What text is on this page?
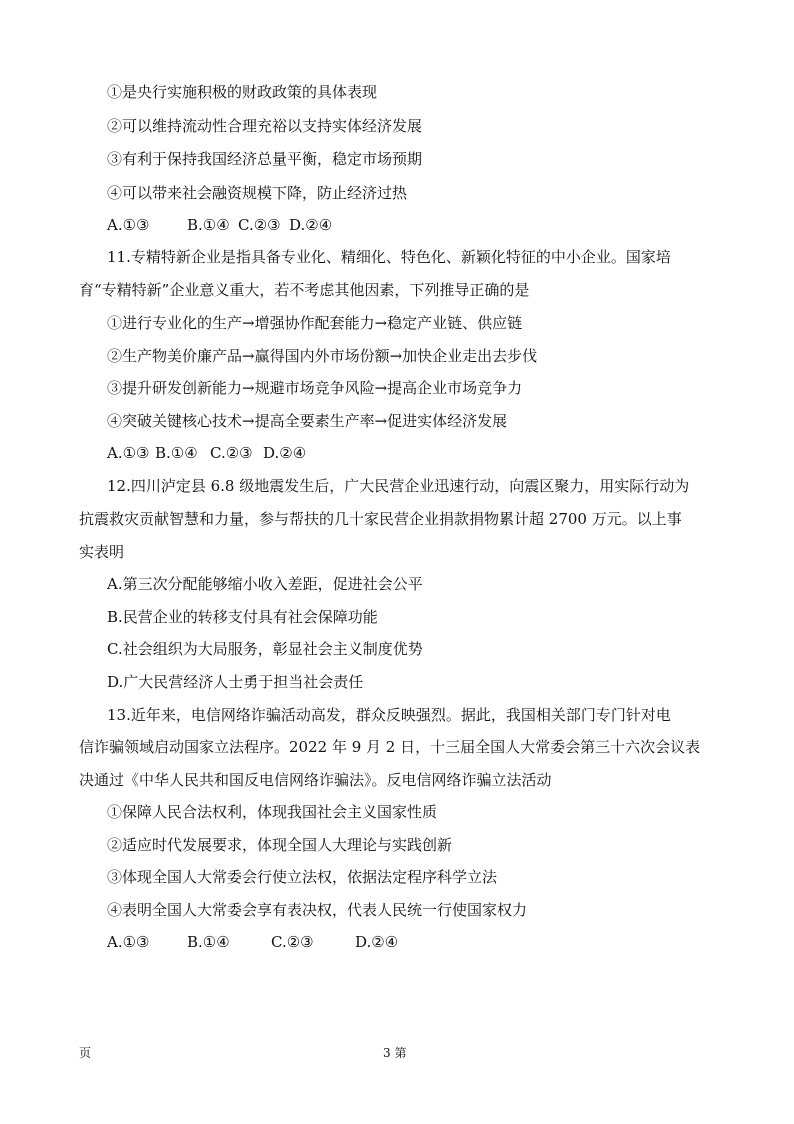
①是央行实施积极的财政政策的具体表现
②可以维持流动性合理充裕以支持实体经济发展
③有利于保持我国经济总量平衡，稳定市场预期
④可以带来社会融资规模下降，防止经济过热
A.①③	B.①④ C.②③ D.②④
11.专精特新企业是指具备专业化、精细化、特色化、新颖化特征的中小企业。国家培
育“专精特新”企业意义重大，若不考虑其他因素，下列推导正确的是
①进行专业化的生产→增强协作配套能力→稳定产业链、供应链
②生产物美价廉产品→赢得国内外市场份额→加快企业走出去步伐
③提升研发创新能力→规避市场竞争风险→提高企业市场竞争力
④突破关键核心技术→提高全要素生产率→促进实体经济发展
A.①③ B.①④ C.②③ D.②④
12.四川泸定县 6.8 级地震发生后，广大民营企业迅速行动，向震区聚力，用实际行动为
抗震救灾贡献智慧和力量，参与帮扶的几十家民营企业捐款捐物累计超 2700 万元。以上事
实表明
A.第三次分配能够缩小收入差距，促进社会公平
B.民营企业的转移支付具有社会保障功能
C.社会组织为大局服务，彰显社会主义制度优势
D.广大民营经济人士勇于担当社会责任
13.近年来，电信网络诈骗活动高发，群众反映强烈。据此，我国相关部门专门针对电
信诈骗领域启动国家立法程序。2022 年 9 月 2 日，十三届全国人大常委会第三十六次会议表
决通过《中华人民共和国反电信网络诈骗法》。反电信网络诈骗立法活动
①保障人民合法权利，体现我国社会主义国家性质
②适应时代发展要求，体现全国人大理论与实践创新
③体现全国人大常委会行使立法权，依据法定程序科学立法
④表明全国人大常委会享有表决权，代表人民统一行使国家权力
A.①③	B.①④	C.②③	D.②④
页	3 第
